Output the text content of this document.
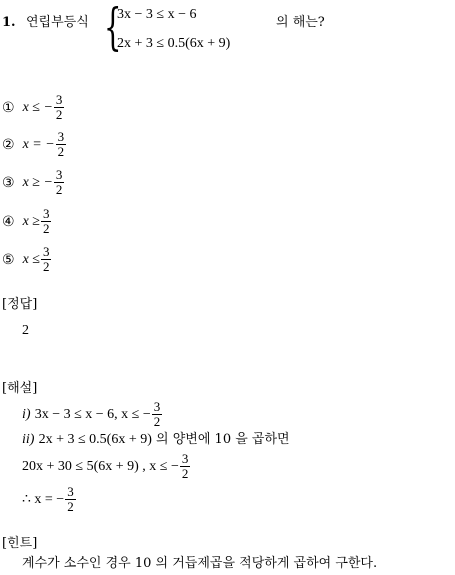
1. 연립부등식 {
3x − 3 ≤ x − 6
2x + 3 ≤ 0.5(6x + 9)
의 해는?
① x ≤ − $\frac{3}{2}$
② x = − $\frac{3}{2}$
③ x ≥ − $\frac{3}{2}$
④ $x \ge \frac{3}{2}$
⑤ $x \le \frac{3}{2}$
[정답]
2
[해설]
i)
3x − 3 ≤ x − 6, x ≤ − $\frac{3}{2}$
ii)
2x + 3 ≤ 0.5(6x + 9)
의 양변에 10 을 곱하면
20x + 30 ≤ 5(6x + 9) , x ≤ − $\frac{3}{2}$
∴ x = − $\frac{3}{2}$
[힌트]
계수가 소수인 경우 10 의 거듭제곱을 적당하게 곱하여 구한다.
